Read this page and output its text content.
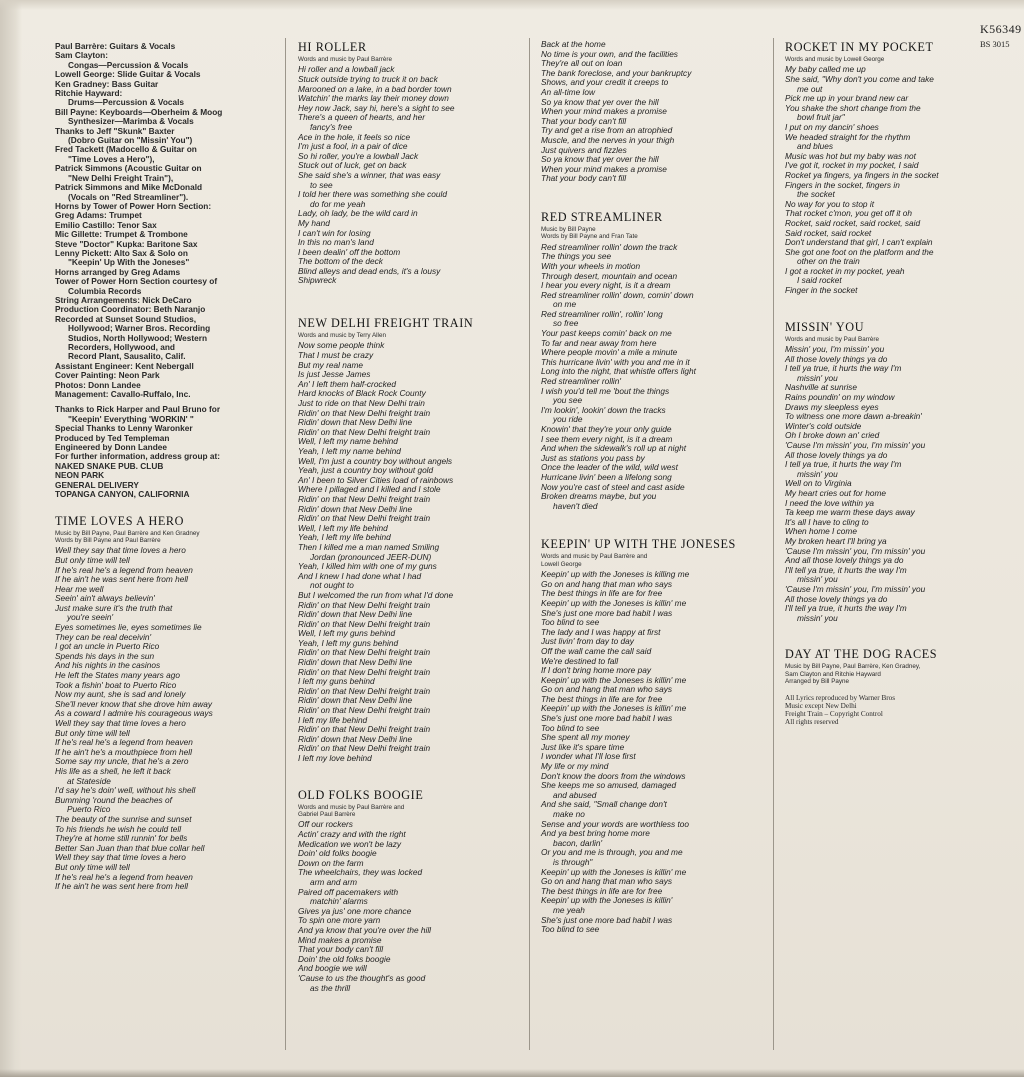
K56349
BS 3015
Paul Barrère: Guitars & Vocals
Sam Clayton:
Congas—Percussion & Vocals
Lowell George: Slide Guitar & Vocals
Ken Gradney: Bass Guitar
Ritchie Hayward:
Drums—Percussion & Vocals
Bill Payne: Keyboards—Oberheim & Moog
Synthesizer—Marimba & Vocals
Thanks to Jeff "Skunk" Baxter
(Dobro Guitar on "Missin' You")
Fred Tackett (Madocello & Guitar on
"Time Loves a Hero"),
Patrick Simmons (Acoustic Guitar on
"New Delhi Freight Train"),
Patrick Simmons and Mike McDonald
(Vocals on "Red Streamliner").
Horns by Tower of Power Horn Section:
Greg Adams: Trumpet
Emilio Castillo: Tenor Sax
Mic Gillette: Trumpet & Trombone
Steve "Doctor" Kupka: Baritone Sax
Lenny Pickett: Alto Sax & Solo on
"Keepin' Up With the Joneses"
Horns arranged by Greg Adams
Tower of Power Horn Section courtesy of
Columbia Records
String Arrangements: Nick DeCaro
Production Coordinator: Beth Naranjo
Recorded at Sunset Sound Studios,
Hollywood; Warner Bros. Recording
Studios, North Hollywood; Western
Recorders, Hollywood, and
Record Plant, Sausalito, Calif.
Assistant Engineer: Kent Nebergall
Cover Painting: Neon Park
Photos: Donn Landee
Management: Cavallo-Ruffalo, Inc.
Thanks to Rick Harper and Paul Bruno for
"Keepin' Everything 'WORKIN' "
Special Thanks to Lenny Waronker
Produced by Ted Templeman
Engineered by Donn Landee
For further information, address group at:
NAKED SNAKE PUB. CLUB
NEON PARK
GENERAL DELIVERY
TOPANGA CANYON, CALIFORNIA
TIME LOVES A HERO
Music by Bill Payne, Paul Barrère and Ken Gradney
Words by Bill Payne and Paul Barrère
Well they say that time loves a hero
But only time will tell
If he's real he's a legend from heaven
If he ain't he was sent here from hell
Hear me well
Seein' ain't always believin'
Just make sure it's the truth that
you're seein'
Eyes sometimes lie, eyes sometimes lie
They can be real deceivin'
I got an uncle in Puerto Rico
Spends his days in the sun
And his nights in the casinos
He left the States many years ago
Took a fishin' boat to Puerto Rico
Now my aunt, she is sad and lonely
She'll never know that she drove him away
As a coward I admire his courageous ways
Well they say that time loves a hero
But only time will tell
If he's real he's a legend from heaven
If he ain't he's a mouthpiece from hell
Some say my uncle, that he's a zero
His life as a shell, he left it back
at Stateside
I'd say he's doin' well, without his shell
Bumming 'round the beaches of
Puerto Rico
The beauty of the sunrise and sunset
To his friends he wish he could tell
They're at home still runnin' for bells
Better San Juan than that blue collar hell
Well they say that time loves a hero
But only time will tell
If he's real he's a legend from heaven
If he ain't he was sent here from hell
HI ROLLER
Words and music by Paul Barrère
Hi roller and a lowball jack
Stuck outside trying to truck it on back
Marooned on a lake, in a bad border town
Watchin' the marks lay their money down
Hey now Jack, say hi, here's a sight to see
There's a queen of hearts, and her
fancy's free
Ace in the hole, it feels so nice
I'm just a fool, in a pair of dice
So hi roller, you're a lowball Jack
Stuck out of luck, get on back
She said she's a winner, that was easy
to see
I told her there was something she could
do for me yeah
Lady, oh lady, be the wild card in
My hand
I can't win for losing
In this no man's land
I been dealin' off the bottom
The bottom of the deck
Blind alleys and dead ends, it's a lousy
Shipwreck
NEW DELHI FREIGHT TRAIN
Words and music by Terry Allen
Now some people think
That I must be crazy
But my real name
Is just Jesse James
An' I left them half-crocked
Hard knocks of Black Rock County
Just to ride on that New Delhi train
Ridin' on that New Delhi freight train
Ridin' down that New Delhi line
Ridin' on that New Delhi freight train
Well, I left my name behind
Yeah, I left my name behind
Well, I'm just a country boy without angels
Yeah, just a country boy without gold
An' I been to Silver Cities load of rainbows
Where I pillaged and I killed and I stole
Ridin' on that New Delhi freight train
Ridin' down that New Delhi line
Ridin' on that New Delhi freight train
Well, I left my life behind
Yeah, I left my life behind
Then I killed me a man named Smiling
Jordan (pronounced JEER-DUN)
Yeah, I killed him with one of my guns
And I knew I had done what I had
not ought to
But I welcomed the run from what I'd done
Ridin' on that New Delhi freight train
Ridin' down that New Delhi line
Ridin' on that New Delhi freight train
Well, I left my guns behind
Yeah, I left my guns behind
Ridin' on that New Delhi freight train
Ridin' down that New Delhi line
Ridin' on that New Delhi freight train
I left my guns behind
Ridin' on that New Delhi freight train
Ridin' down that New Delhi line
Ridin' on that New Delhi freight train
I left my life behind
Ridin' on that New Delhi freight train
Ridin' down that New Delhi line
Ridin' on that New Delhi freight train
I left my love behind
OLD FOLKS BOOGIE
Words and music by Paul Barrère and
Gabriel Paul Barrère
Off our rockers
Actin' crazy and with the right
Medication we won't be lazy
Doin' old folks boogie
Down on the farm
The wheelchairs, they was locked
arm and arm
Paired off pacemakers with
matchin' alarms
Gives ya jus' one more chance
To spin one more yarn
And ya know that you're over the hill
Mind makes a promise
That your body can't fill
Doin' the old folks boogie
And boogie we will
'Cause to us the thought's as good
as the thrill
Back at the home
No time is your own, and the facilities
They're all out on loan
The bank foreclose, and your bankruptcy
Shows, and your credit it creeps to
An all-time low
So ya know that yer over the hill
When your mind makes a promise
That your body can't fill
Try and get a rise from an atrophied
Muscle, and the nerves in your thigh
Just quivers and fizzles
So ya know that yer over the hill
When your mind makes a promise
That your body can't fill
RED STREAMLINER
Music by Bill Payne
Words by Bill Payne and Fran Tate
Red streamliner rollin' down the track
The things you see
With your wheels in motion
Through desert, mountain and ocean
I hear you every night, is it a dream
Red streamliner rollin' down, comin' down
on me
Red streamliner rollin', rollin' long
so free
Your past keeps comin' back on me
To far and near away from here
Where people movin' a mile a minute
This hurricane livin' with you and me in it
Long into the night, that whistle offers light
Red streamliner rollin'
I wish you'd tell me 'bout the things
you see
I'm lookin', lookin' down the tracks
you ride
Knowin' that they're your only guide
I see them every night, is it a dream
And when the sidewalk's roll up at night
Just as stations you pass by
Once the leader of the wild, wild west
Hurricane livin' been a lifelong song
Now you're cast of steel and cast aside
Broken dreams maybe, but you
haven't died
KEEPIN' UP WITH THE JONESES
Words and music by Paul Barrère and
Lowell George
Keepin' up with the Joneses is killing me
Go on and hang that man who says
The best things in life are for free
Keepin' up with the Joneses is killin' me
She's just one more bad habit I was
Too blind to see
The lady and I was happy at first
Just livin' from day to day
Off the wall came the call said
We're destined to fall
If I don't bring home more pay
Keepin' up with the Joneses is killin' me
Go on and hang that man who says
The best things in life are for free
Keepin' up with the Joneses is killin' me
She's just one more bad habit I was
Too blind to see
She spent all my money
Just like it's spare time
I wonder what I'll lose first
My life or my mind
Don't know the doors from the windows
She keeps me so amused, damaged
and abused
And she said, "Small change don't
make no
Sense and your words are worthless too
And ya best bring home more
bacon, darlin'
Or you and me is through, you and me
is through"
Keepin' up with the Joneses is killin' me
Go on and hang that man who says
The best things in life are for free
Keepin' up with the Joneses is killin'
me yeah
She's just one more bad habit I was
Too blind to see
ROCKET IN MY POCKET
Words and music by Lowell George
My baby called me up
She said, "Why don't you come and take
me out
Pick me up in your brand new car
You shake the short change from the
bowl fruit jar"
I put on my dancin' shoes
We headed straight for the rhythm
and blues
Music was hot but my baby was not
I've got it, rocket in my pocket, I said
Rocket ya fingers, ya fingers in the socket
Fingers in the socket, fingers in
the socket
No way for you to stop it
That rocket c'mon, you get off it oh
Rocket, said rocket, said rocket, said
Said rocket, said rocket
Don't understand that girl, I can't explain
She got one foot on the platform and the
other on the train
I got a rocket in my pocket, yeah
I said rocket
Finger in the socket
MISSIN' YOU
Words and music by Paul Barrère
Missin' you, I'm missin' you
All those lovely things ya do
I tell ya true, it hurts the way I'm
missin' you
Nashville at sunrise
Rains poundin' on my window
Draws my sleepless eyes
To witness one more dawn a-breakin'
Winter's cold outside
Oh I broke down an' cried
'Cause I'm missin' you, I'm missin' you
All those lovely things ya do
I tell ya true, it hurts the way I'm
missin' you
Well on to Virginia
My heart cries out for home
I need the love within ya
Ta keep me warm these days away
It's all I have to cling to
When home I come
My broken heart I'll bring ya
'Cause I'm missin' you, I'm missin' you
And all those lovely things ya do
I'll tell ya true, it hurts the way I'm
missin' you
'Cause I'm missin' you, I'm missin' you
All those lovely things ya do
I'll tell ya true, it hurts the way I'm
missin' you
DAY AT THE DOG RACES
Music by Bill Payne, Paul Barrère, Ken Gradney,
Sam Clayton and Ritchie Hayward
Arranged by Bill Payne
All Lyrics reproduced by Warner Bros
Music except New Delhi
Freight Train – Copyright Control
All rights reserved
